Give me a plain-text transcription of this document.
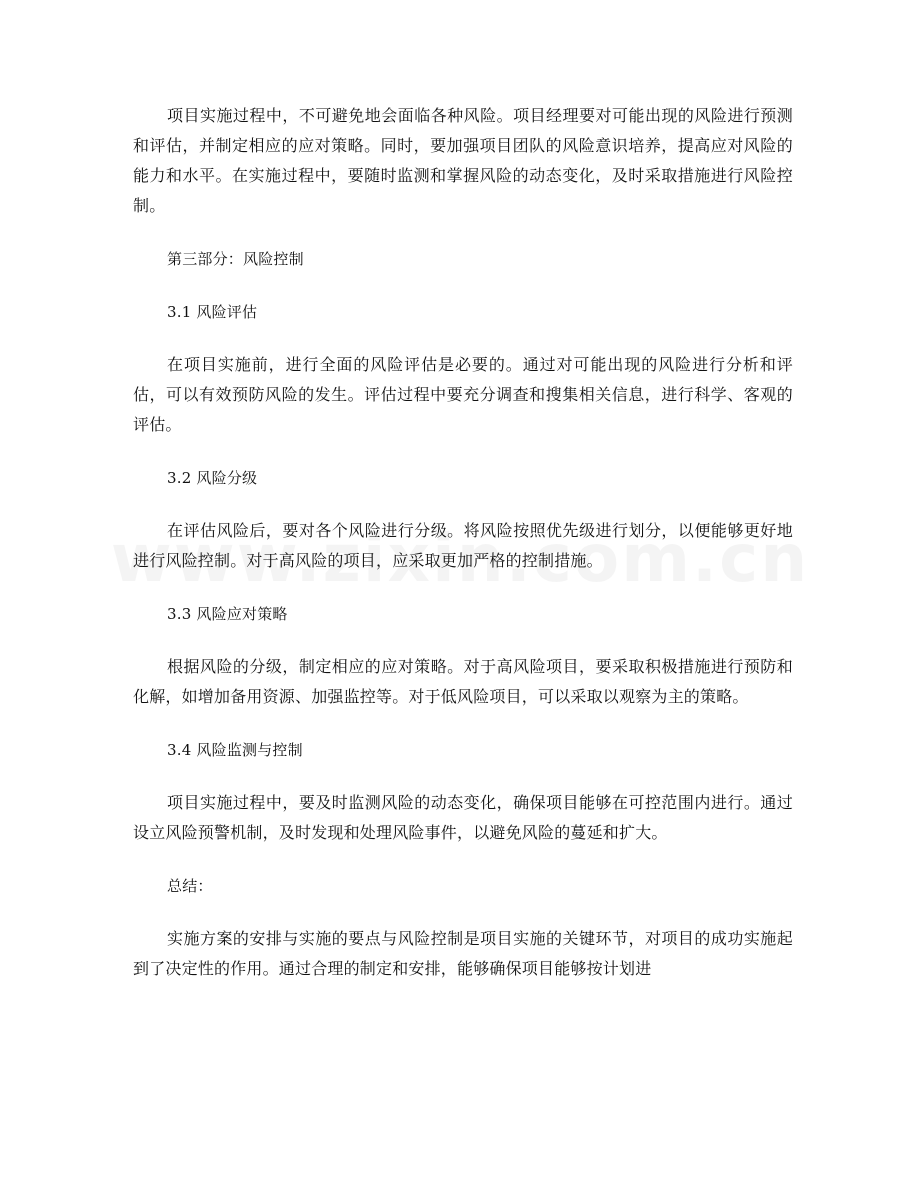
项目实施过程中，不可避免地会面临各种风险。项目经理要对可能出现的风险进行预测和评估，并制定相应的应对策略。同时，要加强项目团队的风险意识培养，提高应对风险的能力和水平。在实施过程中，要随时监测和掌握风险的动态变化，及时采取措施进行风险控制。

第三部分：风险控制

3.1 风险评估

在项目实施前，进行全面的风险评估是必要的。通过对可能出现的风险进行分析和评估，可以有效预防风险的发生。评估过程中要充分调查和搜集相关信息，进行科学、客观的评估。

3.2 风险分级

在评估风险后，要对各个风险进行分级。将风险按照优先级进行划分，以便能够更好地进行风险控制。对于高风险的项目，应采取更加严格的控制措施。

3.3 风险应对策略

根据风险的分级，制定相应的应对策略。对于高风险项目，要采取积极措施进行预防和化解，如增加备用资源、加强监控等。对于低风险项目，可以采取以观察为主的策略。

3.4 风险监测与控制

项目实施过程中，要及时监测风险的动态变化，确保项目能够在可控范围内进行。通过设立风险预警机制，及时发现和处理风险事件，以避免风险的蔓延和扩大。

总结：

实施方案的安排与实施的要点与风险控制是项目实施的关键环节，对项目的成功实施起到了决定性的作用。通过合理的制定和安排，能够确保项目能够按计划进
